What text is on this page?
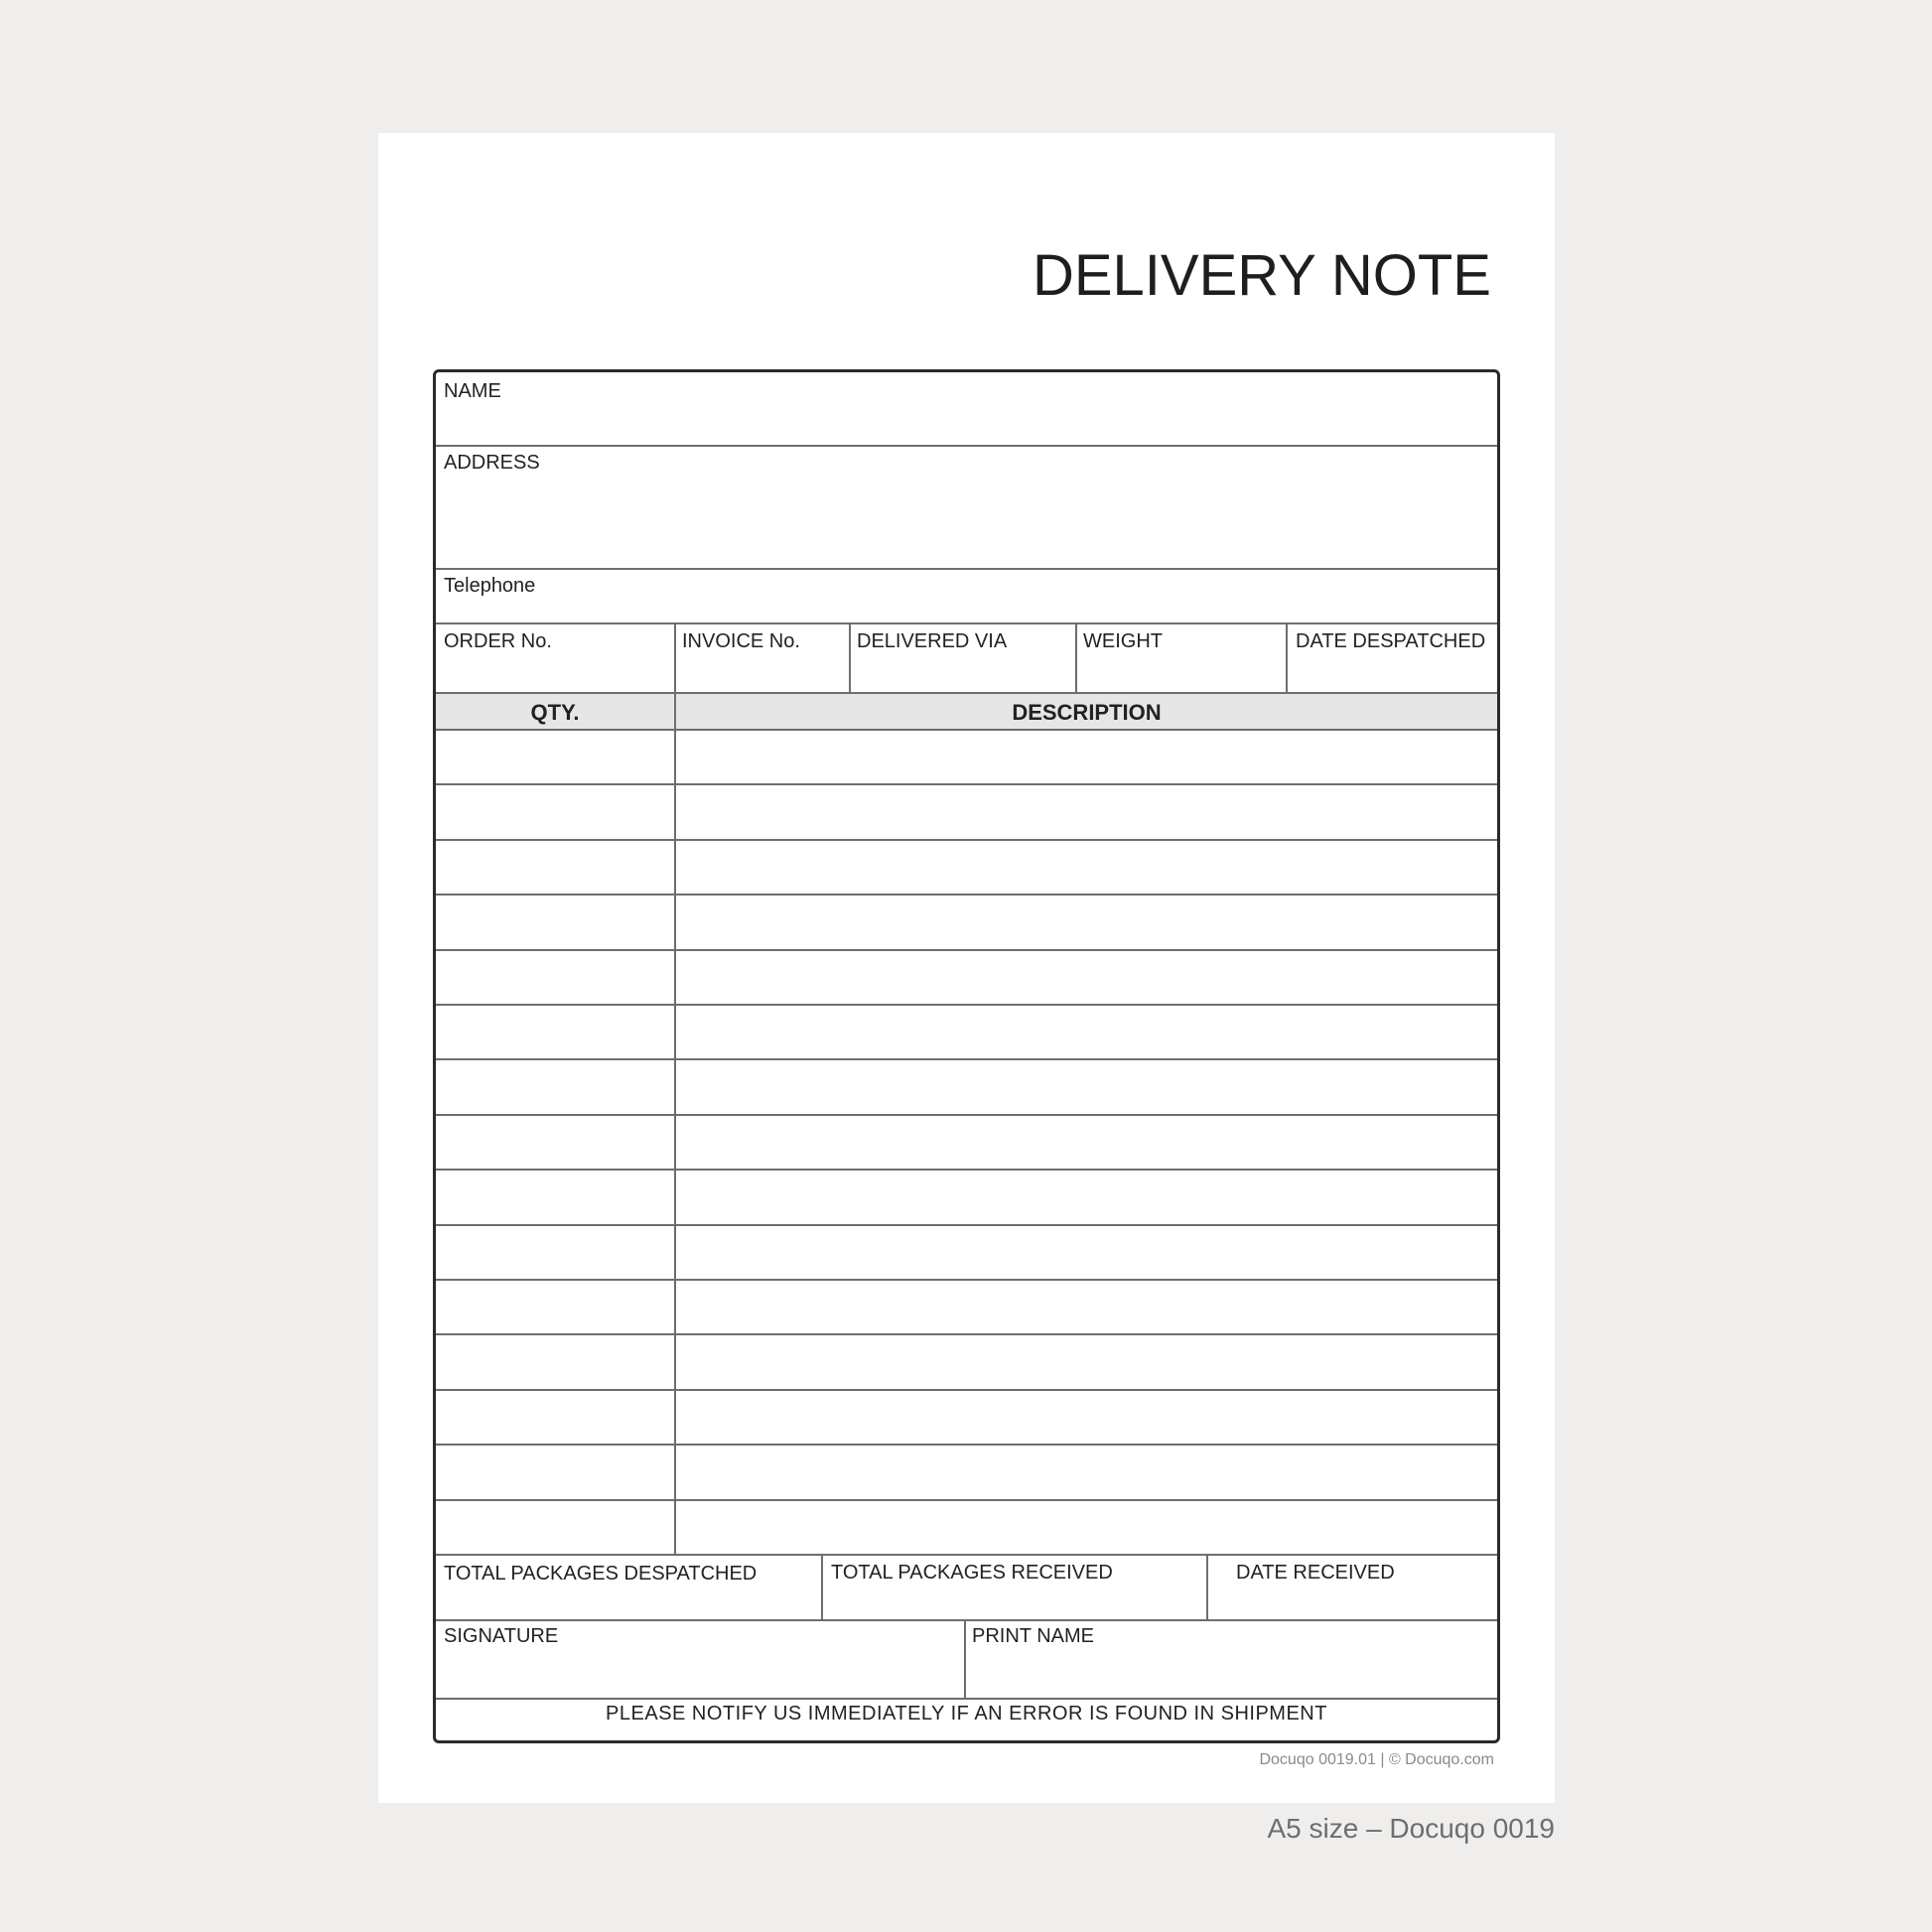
DELIVERY NOTE
NAME
ADDRESS
Telephone
ORDER No.	INVOICE No.	DELIVERED VIA	WEIGHT	DATE DESPATCHED
QTY.	DESCRIPTION
TOTAL PACKAGES DESPATCHED	TOTAL PACKAGES RECEIVED	DATE RECEIVED
SIGNATURE	PRINT NAME
PLEASE NOTIFY US IMMEDIATELY IF AN ERROR IS FOUND IN SHIPMENT
Docuqo 0019.01 | © Docuqo.com
A5 size – Docuqo 0019
